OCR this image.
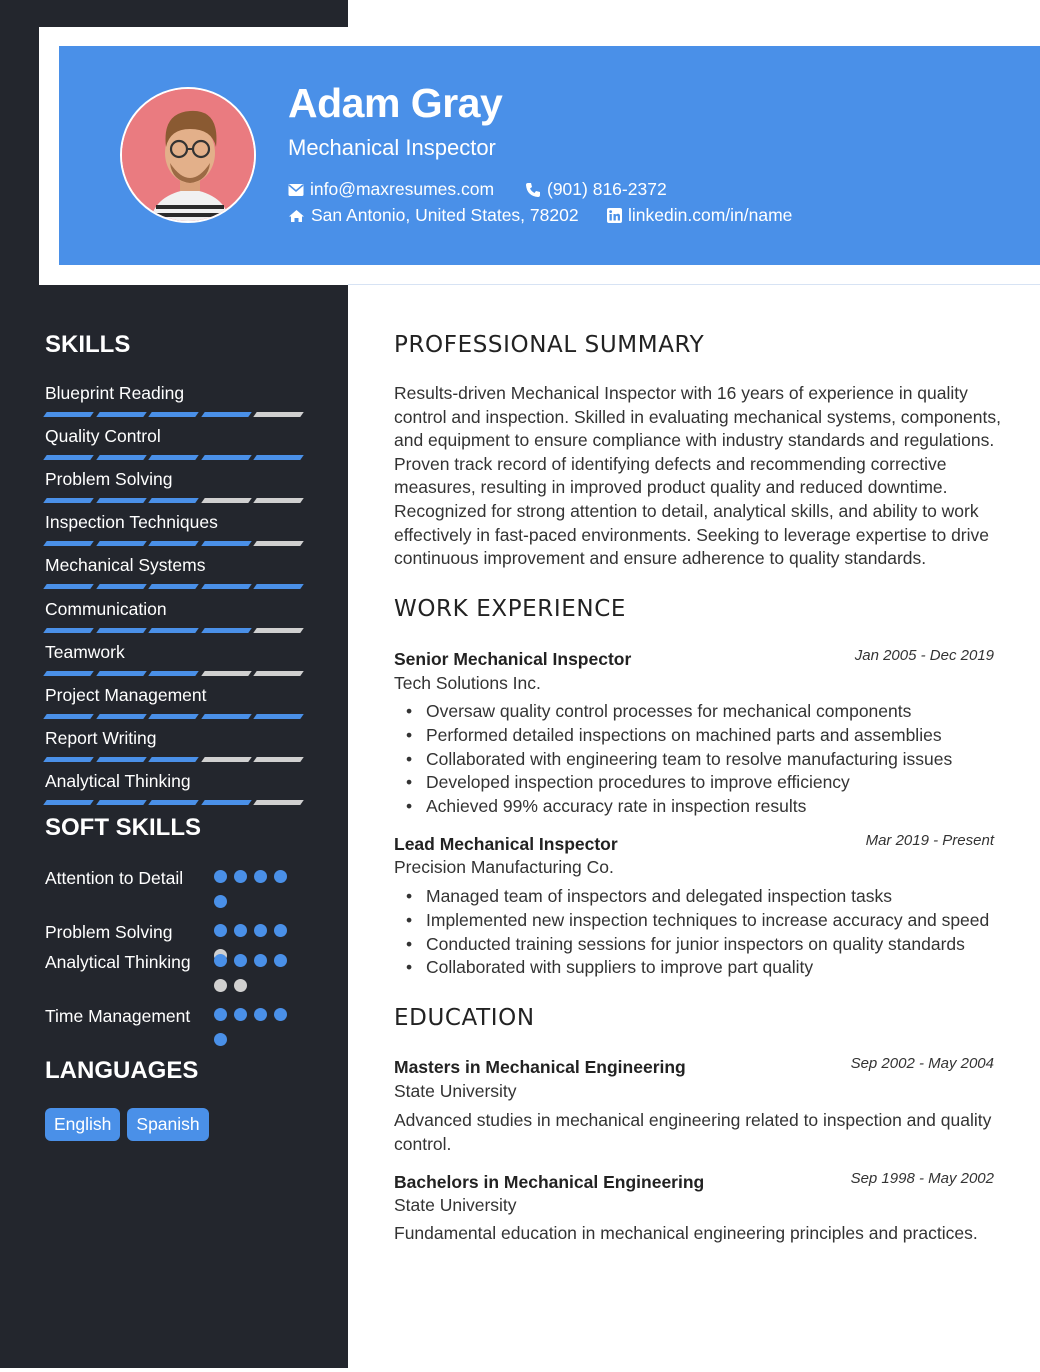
Adam Gray
Mechanical Inspector
info@maxresumes.com	(901) 816-2372
San Antonio, United States, 78202	linkedin.com/in/name
SKILLS
Blueprint Reading
Quality Control
Problem Solving
Inspection Techniques
Mechanical Systems
Communication
Teamwork
Project Management
Report Writing
Analytical Thinking
SOFT SKILLS
Attention to Detail
Problem Solving
Analytical Thinking
Time Management
LANGUAGES
English	Spanish
PROFESSIONAL SUMMARY

Results-driven Mechanical Inspector with 16 years of experience in quality control and inspection. Skilled in evaluating mechanical systems, components, and equipment to ensure compliance with industry standards and regulations. Proven track record of identifying defects and recommending corrective measures, resulting in improved product quality and reduced downtime. Recognized for strong attention to detail, analytical skills, and ability to work effectively in fast-paced environments. Seeking to leverage expertise to drive continuous improvement and ensure adherence to quality standards.

WORK EXPERIENCE
Senior Mechanical Inspector	Jan 2005 - Dec 2019
Tech Solutions Inc.
• Oversaw quality control processes for mechanical components
• Performed detailed inspections on machined parts and assemblies
• Collaborated with engineering team to resolve manufacturing issues
• Developed inspection procedures to improve efficiency
• Achieved 99% accuracy rate in inspection results
Lead Mechanical Inspector	Mar 2019 - Present
Precision Manufacturing Co.
• Managed team of inspectors and delegated inspection tasks
• Implemented new inspection techniques to increase accuracy and speed
• Conducted training sessions for junior inspectors on quality standards
• Collaborated with suppliers to improve part quality
EDUCATION
Masters in Mechanical Engineering	Sep 2002 - May 2004
State University

Advanced studies in mechanical engineering related to inspection and quality control.

Bachelors in Mechanical Engineering	Sep 1998 - May 2002
State University

Fundamental education in mechanical engineering principles and practices.
